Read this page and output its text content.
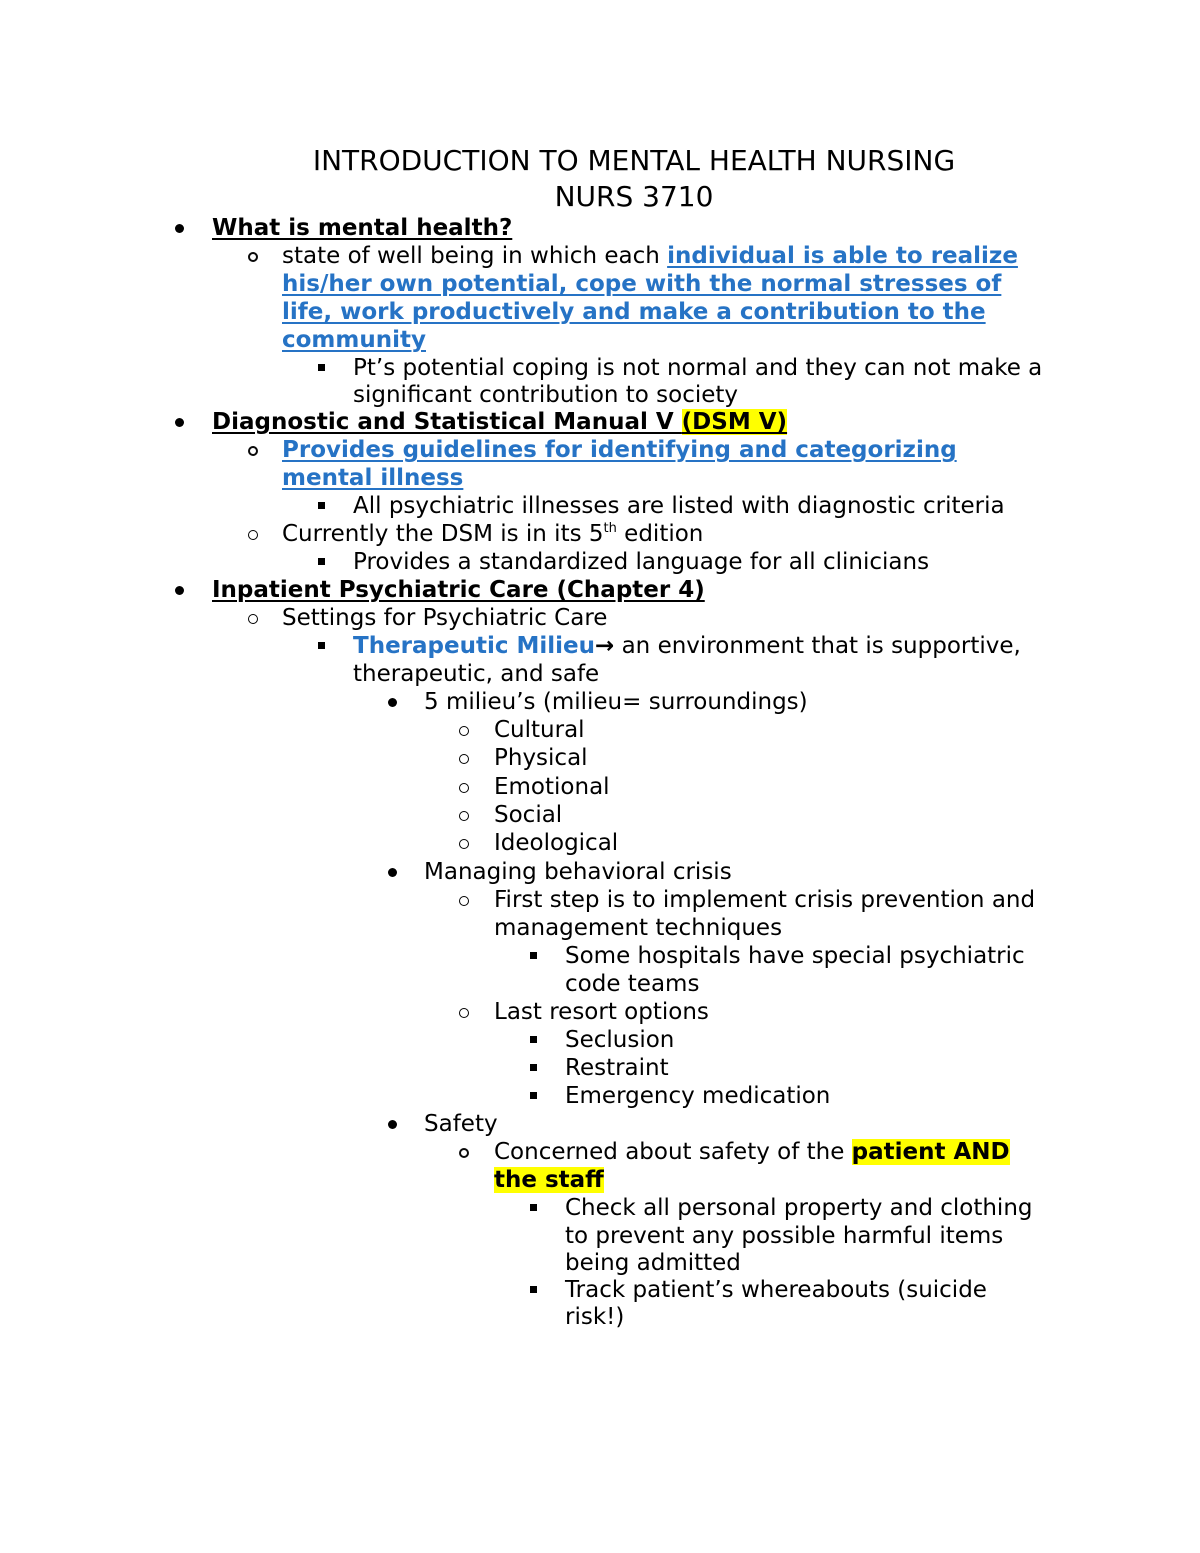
INTRODUCTION TO MENTAL HEALTH NURSING
NURS 3710
What is mental health?
state of well being in which each individual is able to realize
his/her own potential, cope with the normal stresses of
life, work productively and make a contribution to the
community
Pt’s potential coping is not normal and they can not make a
significant contribution to society
Diagnostic and Statistical Manual V (DSM V)
Provides guidelines for identifying and categorizing
mental illness
All psychiatric illnesses are listed with diagnostic criteria
Currently the DSM is in its 5th edition
Provides a standardized language for all clinicians
Inpatient Psychiatric Care (Chapter 4)
Settings for Psychiatric Care
Therapeutic Milieu→ an environment that is supportive,
therapeutic, and safe
5 milieu’s (milieu= surroundings)
Cultural
Physical
Emotional
Social
Ideological
Managing behavioral crisis
First step is to implement crisis prevention and
management techniques
Some hospitals have special psychiatric
code teams
Last resort options
Seclusion
Restraint
Emergency medication
Safety
Concerned about safety of the patient AND
the staff
Check all personal property and clothing
to prevent any possible harmful items
being admitted
Track patient’s whereabouts (suicide
risk!)
